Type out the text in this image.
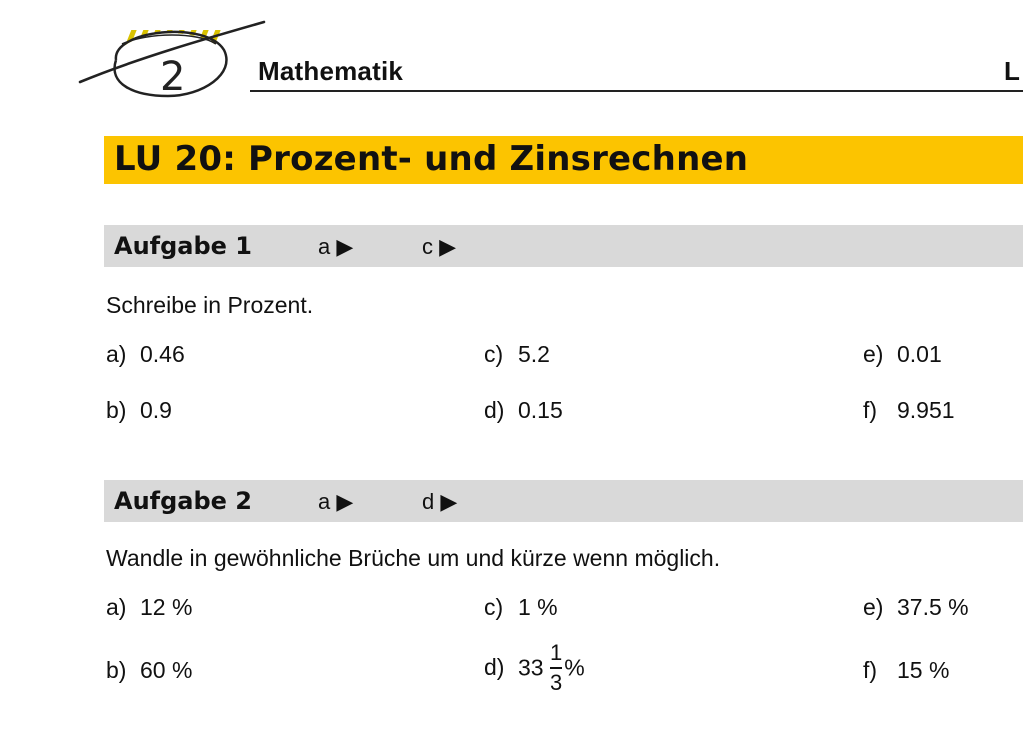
2	Mathematik	L
LU 20: Prozent- und Zinsrechnen
Aufgabe 1	a ▶	c ▶
Schreibe in Prozent.
a) 0.46
b) 0.9
c) 5.2
d) 0.15
e) 0.01
f) 9.951
Aufgabe 2	a ▶	d ▶
Wandle in gewöhnliche Brüche um und kürze wenn möglich.
a) 12 %
b) 60 %
c) 1 %
d) $33 \frac{1}{3}$ %
e) 37.5 %
f) 15 %
